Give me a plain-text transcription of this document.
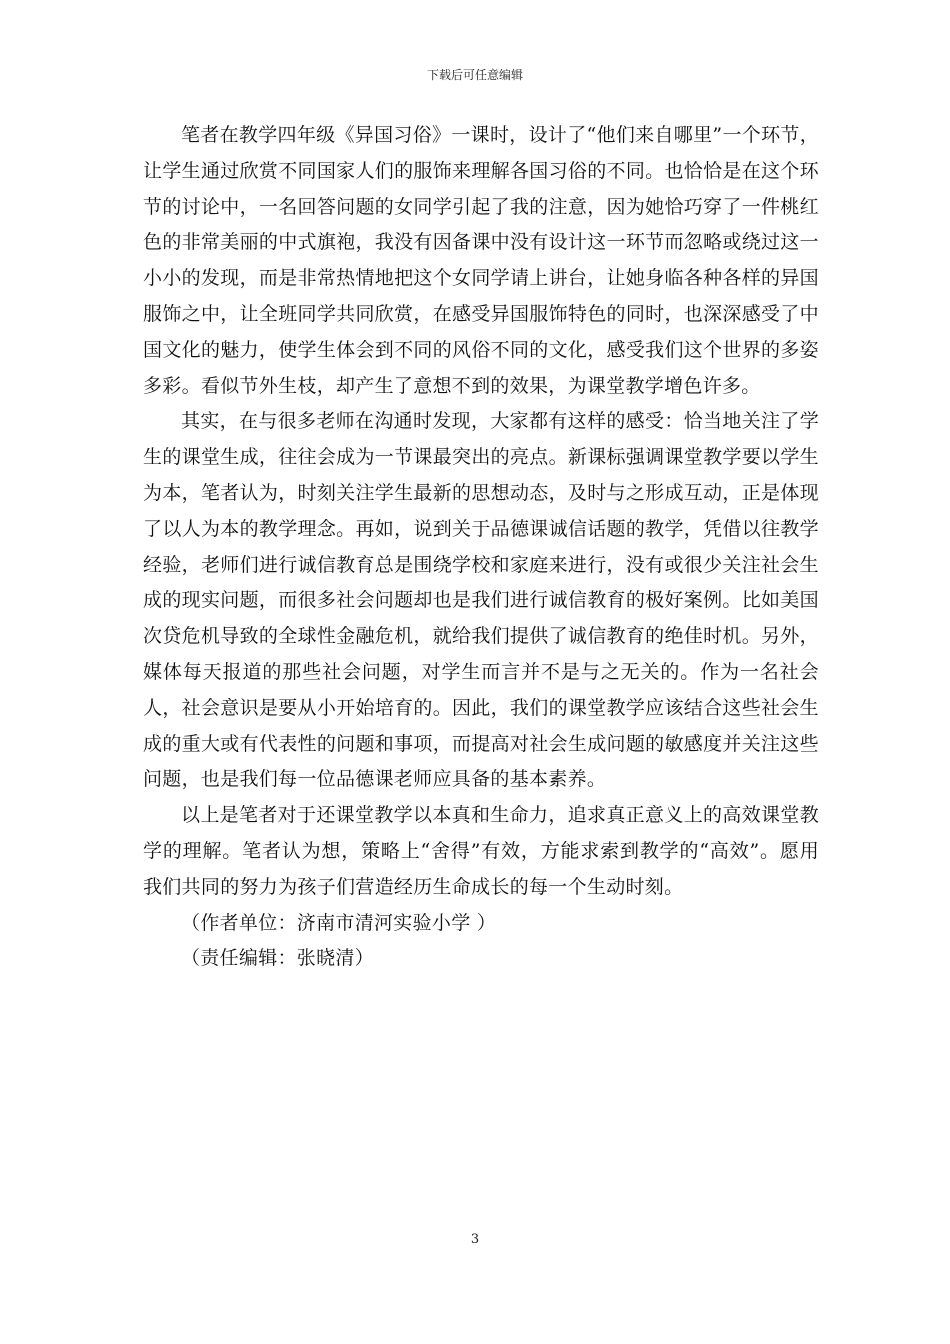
下载后可任意编辑

笔者在教学四年级《异国习俗》一课时，设计了“他们来自哪里”一个环节，让学生通过欣赏不同国家人们的服饰来理解各国习俗的不同。也恰恰是在这个环节的讨论中，一名回答问题的女同学引起了我的注意，因为她恰巧穿了一件桃红色的非常美丽的中式旗袍，我没有因备课中没有设计这一环节而忽略或绕过这一小小的发现，而是非常热情地把这个女同学请上讲台，让她身临各种各样的异国服饰之中，让全班同学共同欣赏，在感受异国服饰特色的同时，也深深感受了中国文化的魅力，使学生体会到不同的风俗不同的文化，感受我们这个世界的多姿多彩。看似节外生枝，却产生了意想不到的效果，为课堂教学增色许多。

其实，在与很多老师在沟通时发现，大家都有这样的感受：恰当地关注了学生的课堂生成，往往会成为一节课最突出的亮点。新课标强调课堂教学要以学生为本，笔者认为，时刻关注学生最新的思想动态，及时与之形成互动，正是体现了以人为本的教学理念。再如，说到关于品德课诚信话题的教学，凭借以往教学经验，老师们进行诚信教育总是围绕学校和家庭来进行，没有或很少关注社会生成的现实问题，而很多社会问题却也是我们进行诚信教育的极好案例。比如美国次贷危机导致的全球性金融危机，就给我们提供了诚信教育的绝佳时机。另外，媒体每天报道的那些社会问题，对学生而言并不是与之无关的。作为一名社会人，社会意识是要从小开始培育的。因此，我们的课堂教学应该结合这些社会生成的重大或有代表性的问题和事项，而提高对社会生成问题的敏感度并关注这些问题，也是我们每一位品德课老师应具备的基本素养。

以上是笔者对于还课堂教学以本真和生命力，追求真正意义上的高效课堂教学的理解。笔者认为想，策略上“舍得”有效，方能求索到教学的“高效”。愿用我们共同的努力为孩子们营造经历生命成长的每一个生动时刻。

（作者单位：济南市清河实验小学 ）

（责任编辑：张晓清）

3
